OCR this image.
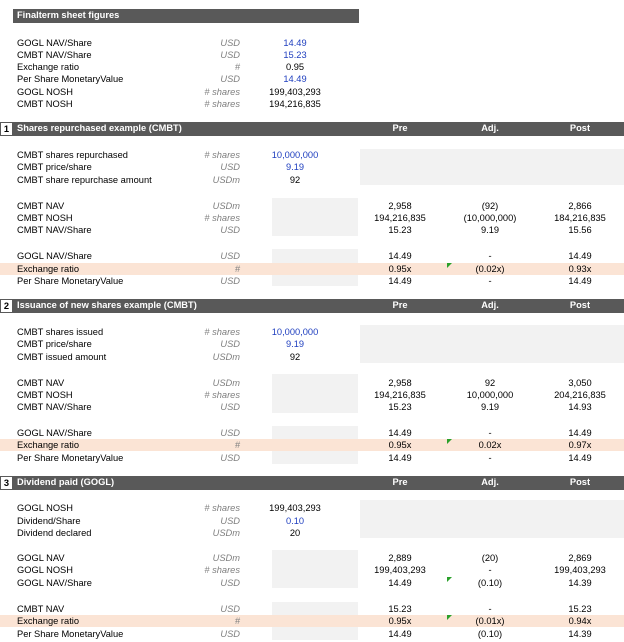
Finalterm sheet figures
GOGL NAV/Share	USD	14.49
CMBT NAV/Share	USD	15.23
Exchange ratio	#	0.95
Per Share MonetaryValue	USD	14.49
GOGL NOSH	# shares	199,403,293
CMBT NOSH	# shares	194,216,835
1 Shares repurchased example (CMBT)	Pre	Adj.	Post
CMBT shares repurchased	# shares	10,000,000
CMBT price/share	USD	9.19
CMBT share repurchase amount	USDm	92
CMBT NAV	USDm	2,958	(92)	2,866
CMBT NOSH	# shares	194,216,835	(10,000,000)	184,216,835
CMBT NAV/Share	USD	15.23	9.19	15.56
GOGL NAV/Share	USD	14.49	-	14.49
Exchange ratio	#	0.95x	(0.02x)	0.93x
Per Share MonetaryValue	USD	14.49	-	14.49
2 Issuance of new shares example (CMBT)	Pre	Adj.	Post
CMBT shares issued	# shares	10,000,000
CMBT price/share	USD	9.19
CMBT issued amount	USDm	92
CMBT NAV	USDm	2,958	92	3,050
CMBT NOSH	# shares	194,216,835	10,000,000	204,216,835
CMBT NAV/Share	USD	15.23	9.19	14.93
GOGL NAV/Share	USD	14.49	-	14.49
Exchange ratio	#	0.95x	0.02x	0.97x
Per Share MonetaryValue	USD	14.49	-	14.49
3 Dividend paid (GOGL)	Pre	Adj.	Post
GOGL NOSH	# shares	199,403,293
Dividend/Share	USD	0.10
Dividend declared	USDm	20
GOGL NAV	USDm	2,889	(20)	2,869
GOGL NOSH	# shares	199,403,293	-	199,403,293
GOGL NAV/Share	USD	14.49	(0.10)	14.39
CMBT NAV	USD	15.23	-	15.23
Exchange ratio	#	0.95x	(0.01x)	0.94x
Per Share MonetaryValue	USD	14.49	(0.10)	14.39
